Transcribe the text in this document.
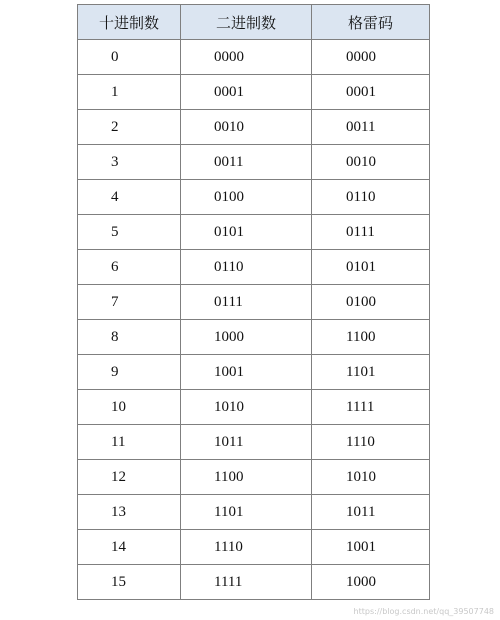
十进制数	二进制数	格雷码
0	0000	0000
1	0001	0001
2	0010	0011
3	0011	0010
4	0100	0110
5	0101	0111
6	0110	0101
7	0111	0100
8	1000	1100
9	1001	1101
10	1010	1111
11	1011	1110
12	1100	1010
13	1101	1011
14	1110	1001
15	1111	1000
https://blog.csdn.net/qq_39507748
